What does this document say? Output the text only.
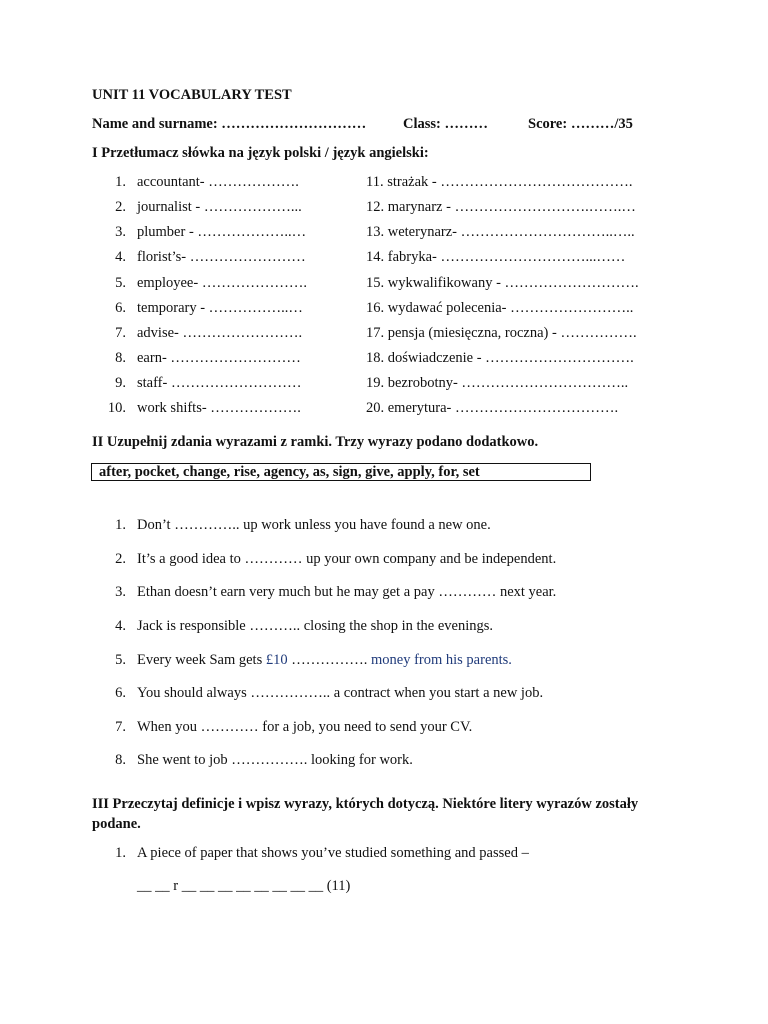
UNIT 11 VOCABULARY TEST
Name and surname: …………………………	Class: ………	Score: ………/35
I Przetłumacz słówka na język polski / język angielski:
1. accountant- ……………….
2. journalist - ………………...
3. plumber - ………………..…
4. florist’s- ……………………
5. employee- ………………….
6. temporary - ……………..…
7. advise- …………………….
8. earn- ………………………
9. staff- ………………………
10. work shifts- ……………….
11. strażak - ………………………………….
12. marynarz - ……………………….…….…
13. weterynarz- …………………………..…..
14. fabryka- …………………………...……
15. wykwalifikowany - ……………………….
16. wydawać polecenia- ……………………..
17. pensja (miesięczna, roczna) - …………….
18. doświadczenie - ………………………….
19. bezrobotny- ……………………………..
20. emerytura- …………………………….
II Uzupełnij zdania wyrazami z ramki. Trzy wyrazy podano dodatkowo.
after, pocket, change, rise, agency, as, sign, give, apply, for, set
1. Don’t ………….. up work unless you have found a new one.
2. It’s a good idea to ………… up your own company and be independent.
3. Ethan doesn’t earn very much but he may get a pay ………… next year.
4. Jack is responsible ……….. closing the shop in the evenings.
5. Every week Sam gets £10 ……………. money from his parents.
6. You should always …………….. a contract when you start a new job.
7. When you ………… for a job, you need to send your CV.
8. She went to job ……………. looking for work.
III Przeczytaj definicje i wpisz wyrazy, których dotyczą. Niektóre litery wyrazów zostały
podane.
1. A piece of paper that shows you’ve studied something and passed –
__ __ r __ __ __ __ __ __ __ __ (11)
